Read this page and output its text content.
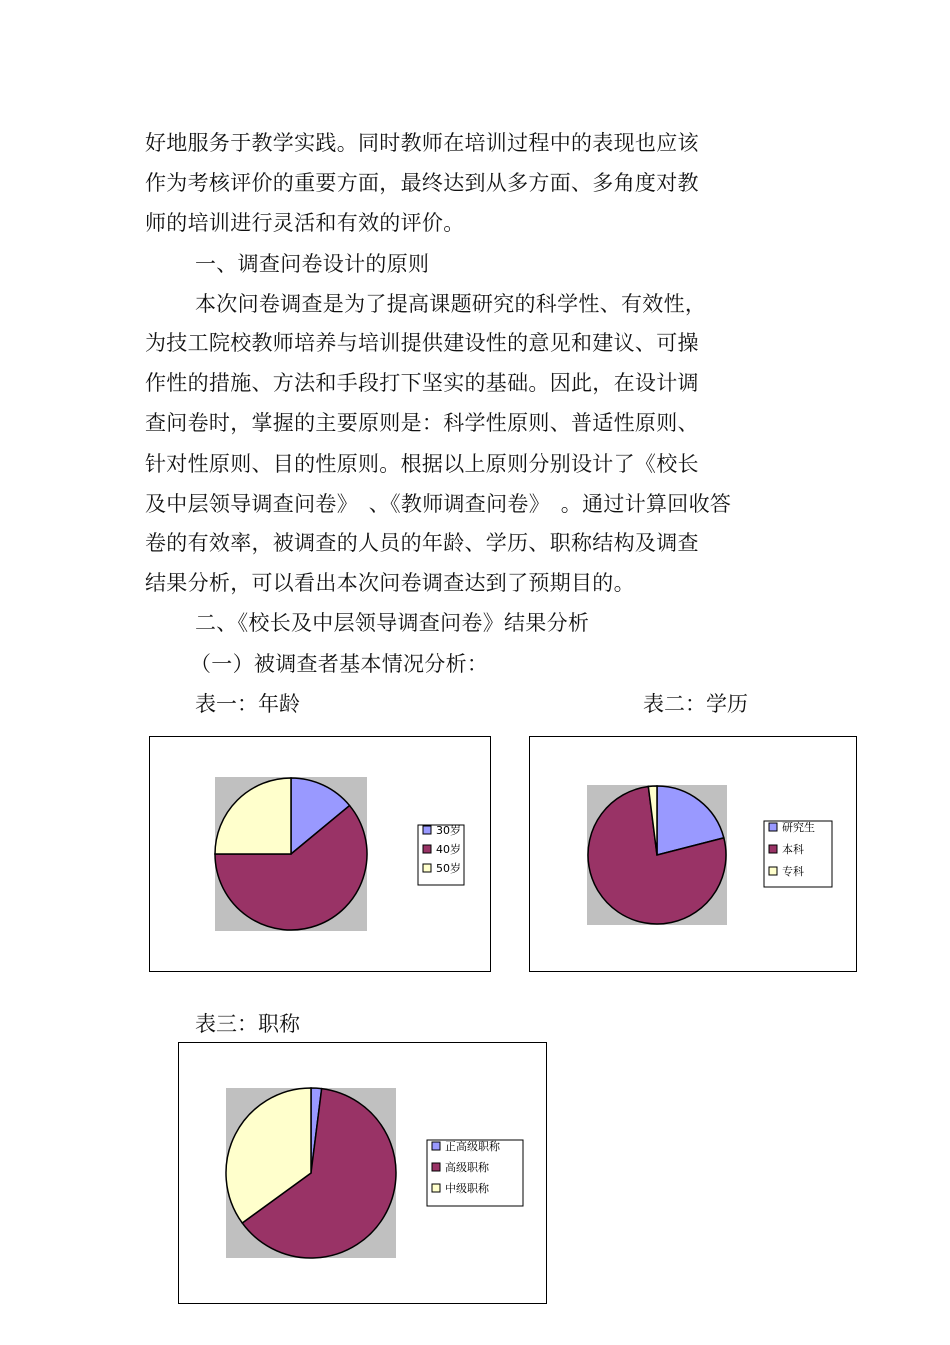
好地服务于教学实践。同时教师在培训过程中的表现也应该
作为考核评价的重要方面，最终达到从多方面、多角度对教
师的培训进行灵活和有效的评价。
一、调查问卷设计的原则
本次问卷调查是为了提高课题研究的科学性、有效性，
为技工院校教师培养与培训提供建设性的意见和建议、可操
作性的措施、方法和手段打下坚实的基础。因此，在设计调
查问卷时，掌握的主要原则是：科学性原则、普适性原则、
针对性原则、目的性原则。根据以上原则分别设计了《校长
及中层领导调查问卷》　、《教师调查问卷》　。通过计算回收答
卷的有效率，被调查的人员的年龄、学历、职称结构及调查
结果分析，可以看出本次问卷调查达到了预期目的。
二、《校长及中层领导调查问卷》结果分析
（一）被调查者基本情况分析：
表一：年龄	表二：学历
表三：职称
30岁
40岁
50岁
研究生
本科
专科
正高级职称
高级职称
中级职称
